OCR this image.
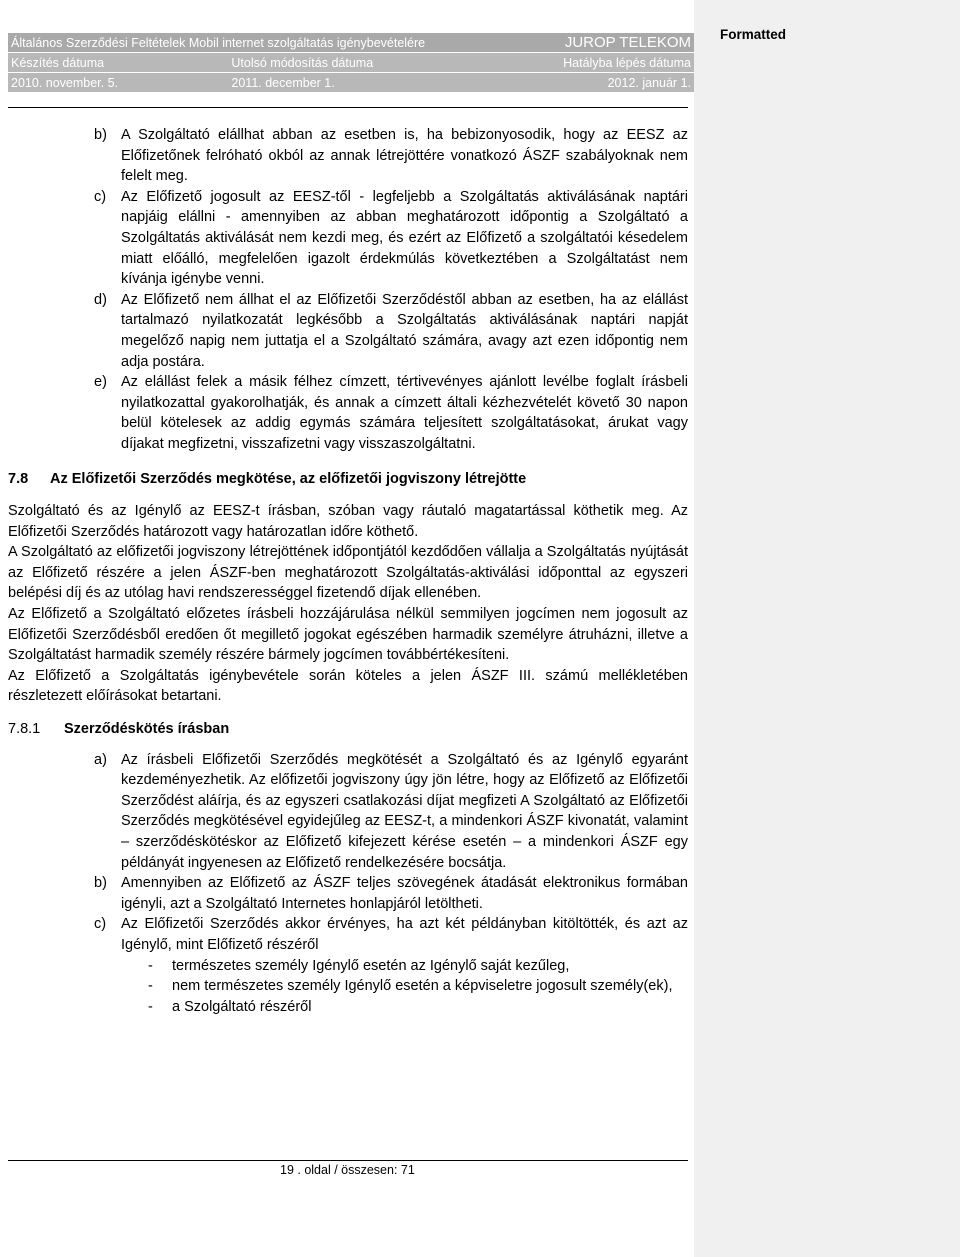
Formatted
Általános Szerződési Feltételek Mobil internet szolgáltatás igénybevételére			JUROP TELEKOM
Készítés dátuma	Utolsó módosítás dátuma		Hatályba lépés dátuma
2010. november. 5.	2011. december 1.		2012. január 1.
b) A Szolgáltató elállhat abban az esetben is, ha bebizonyosodik, hogy az EESZ az Előfizetőnek felróható okból az annak létrejöttére vonatkozó ÁSZF szabályoknak nem felelt meg.
c)	Az Előfizető jogosult az EESZ-től - legfeljebb a Szolgáltatás aktiválásának naptári napjáig elállni - amennyiben az abban meghatározott időpontig a Szolgáltató a Szolgáltatás aktiválását nem kezdi meg, és ezért az Előfizető a szolgáltatói késedelem miatt előálló, megfelelően igazolt érdekmúlás következtében a Szolgáltatást nem kívánja igénybe venni.
d) Az Előfizető nem állhat el az Előfizetői Szerződéstől abban az esetben, ha az elállást tartalmazó nyilatkozatát legkésőbb a Szolgáltatás aktiválásának naptári napját megelőző napig nem juttatja el a Szolgáltató számára, avagy azt ezen időpontig nem adja postára.
e) Az elállást felek a másik félhez címzett, tértivevényes ajánlott levélbe foglalt írásbeli nyilatkozattal gyakorolhatják, és annak a címzett általi kézhezvételét követő 30 napon belül kötelesek az addig egymás számára teljesített szolgáltatásokat, árukat vagy díjakat megfizetni, visszafizetni vagy visszaszolgáltatni.
7.8	Az Előfizetői Szerződés megkötése, az előfizetői jogviszony létrejötte

Szolgáltató és az Igénylő az EESZ-t írásban, szóban vagy ráutaló magatartással köthetik meg. Az Előfizetői Szerződés határozott vagy határozatlan időre köthető.

A Szolgáltató az előfizetői jogviszony létrejöttének időpontjától kezdődően vállalja a Szolgáltatás nyújtását az Előfizető részére a jelen ÁSZF-ben meghatározott Szolgáltatás-aktiválási időponttal az egyszeri belépési díj és az utólag havi rendszerességgel fizetendő díjak ellenében.

Az Előfizető a Szolgáltató előzetes írásbeli hozzájárulása nélkül semmilyen jogcímen nem jogosult az Előfizetői Szerződésből eredően őt megillető jogokat egészében harmadik személyre átruházni, illetve a Szolgáltatást harmadik személy részére bármely jogcímen továbbértékesíteni.

Az Előfizető a Szolgáltatás igénybevétele során köteles a jelen ÁSZF III. számú mellékletében részletezett előírásokat betartani.

7.8.1	Szerződéskötés írásban
a) Az írásbeli Előfizetői Szerződés megkötését a Szolgáltató és az Igénylő egyaránt kezdeményezhetik. Az előfizetői jogviszony úgy jön létre, hogy az Előfizető az Előfizetői Szerződést aláírja, és az egyszeri csatlakozási díjat megfizeti A Szolgáltató az Előfizetői Szerződés megkötésével egyidejűleg az EESZ-t, a mindenkori ÁSZF kivonatát, valamint – szerződéskötéskor az Előfizető kifejezett kérése esetén – a mindenkori ÁSZF egy példányát ingyenesen az Előfizető rendelkezésére bocsátja.
b) Amennyiben az Előfizető az ÁSZF teljes szövegének átadását elektronikus formában igényli, azt a Szolgáltató Internetes honlapjáról letöltheti.
c)	Az Előfizetői Szerződés akkor érvényes, ha azt két példányban kitöltötték, és azt az Igénylő, mint Előfizető részéről
-	természetes személy Igénylő esetén az Igénylő saját kezűleg,
-	nem természetes személy Igénylő esetén a képviseletre jogosult személy(ek),
-	a Szolgáltató részéről
19 . oldal / összesen: 71
